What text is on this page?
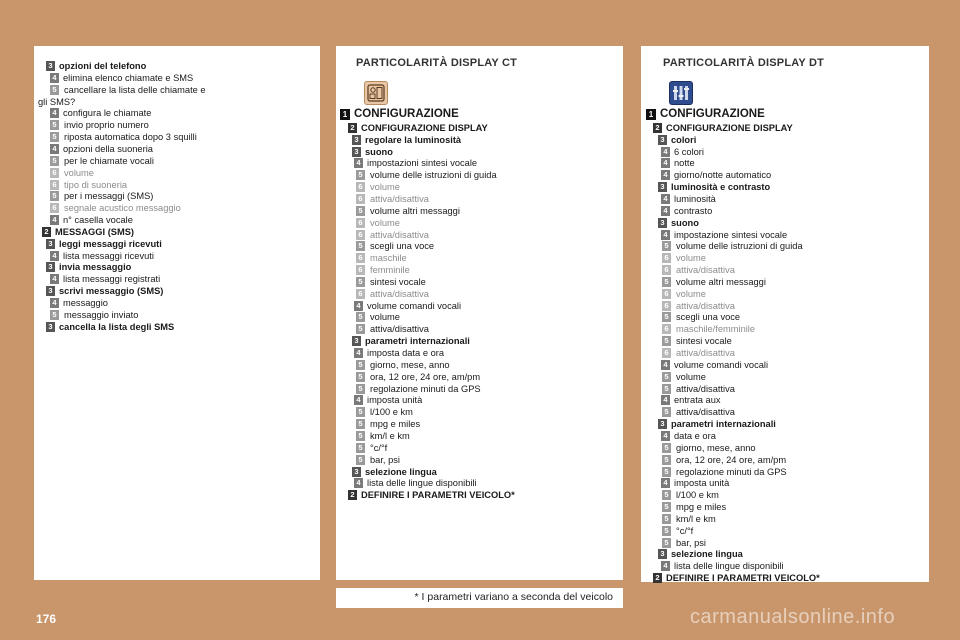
3 opzioni del telefono
4 elimina elenco chiamate e SMS
5 cancellare la lista delle chiamate e
gli SMS?
4 configura le chiamate
5 invio proprio numero
5 riposta automatica dopo 3 squilli
4 opzioni della suoneria
5 per le chiamate vocali
6 volume
6 tipo di suoneria
5 per i messaggi (SMS)
6 segnale acustico messaggio
4 n° casella vocale
2 MESSAGGI (SMS)
3 leggi messaggi ricevuti
4 lista messaggi ricevuti
3 invia messaggio
4 lista messaggi registrati
3 scrivi messaggio (SMS)
4 messaggio
5 messaggio inviato
3 cancella la lista degli SMS
PARTICOLARITÀ DISPLAY CT
1 CONFIGURAZIONE
2 CONFIGURAZIONE DISPLAY
3 regolare la luminosità
3 suono
4 impostazioni sintesi vocale
5 volume delle istruzioni di guida
6 volume
6 attiva/disattiva
5 volume altri messaggi
6 volume
6 attiva/disattiva
5 scegli una voce
6 maschile
6 femminile
5 sintesi vocale
6 attiva/disattiva
4 volume comandi vocali
5 volume
5 attiva/disattiva
3 parametri internazionali
4 imposta data e ora
5 giorno, mese, anno
5 ora, 12 ore, 24 ore, am/pm
5 regolazione minuti da GPS
4 imposta unità
5 l/100 e km
5 mpg e miles
5 km/l e km
5 °c/°f
5 bar, psi
3 selezione lingua
4 lista delle lingue disponibili
2 DEFINIRE I PARAMETRI VEICOLO*
PARTICOLARITÀ DISPLAY DT
1 CONFIGURAZIONE
2 CONFIGURAZIONE DISPLAY
3 colori
4 6 colori
4 notte
4 giorno/notte automatico
3 luminosità e contrasto
4 luminosità
4 contrasto
3 suono
4 impostazione sintesi vocale
5 volume delle istruzioni di guida
6 volume
6 attiva/disattiva
5 volume altri messaggi
6 volume
6 attiva/disattiva
5 scegli una voce
6 maschile/femminile
5 sintesi vocale
6 attiva/disattiva
4 volume comandi vocali
5 volume
5 attiva/disattiva
4 entrata aux
5 attiva/disattiva
3 parametri internazionali
4 data e ora
5 giorno, mese, anno
5 ora, 12 ore, 24 ore, am/pm
5 regolazione minuti da GPS
4 imposta unità
5 l/100 e km
5 mpg e miles
5 km/l e km
5 °c/°f
5 bar, psi
3 selezione lingua
4 lista delle lingue disponibili
2 DEFINIRE I PARAMETRI VEICOLO*
* I parametri variano a seconda del veicolo
176	carmanualsonline.info
